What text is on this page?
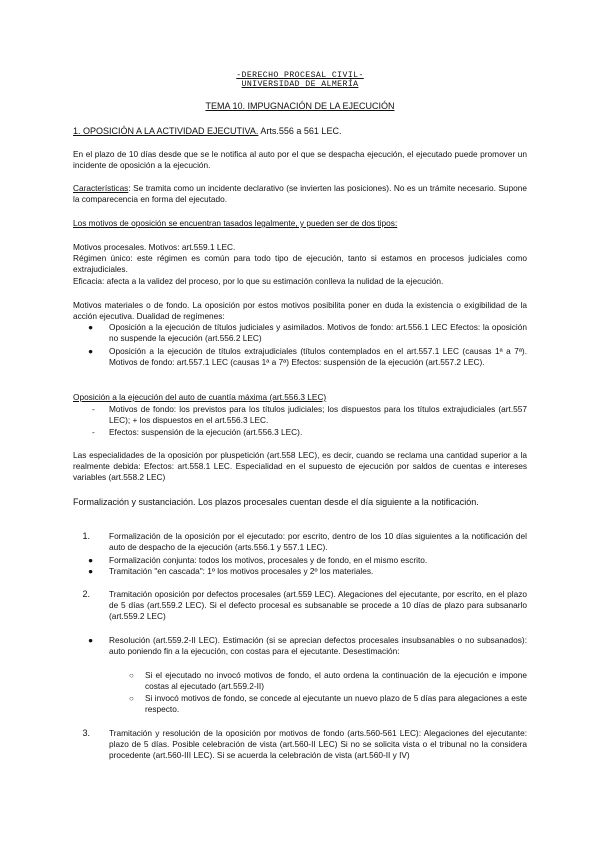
-DERECHO PROCESAL CIVIL-
UNIVERSIDAD DE ALMERÍA
TEMA 10. IMPUGNACIÓN DE LA EJECUCIÓN

1. OPOSICIÓN A LA ACTIVIDAD EJECUTIVA. Arts.556 a 561 LEC.

En el plazo de 10 días desde que se le notifica al auto por el que se despacha ejecución, el ejecutado puede promover un incidente de oposición a la ejecución.

Características: Se tramita como un incidente declarativo (se invierten las posiciones). No es un trámite necesario. Supone la comparecencia en forma del ejecutado.

Los motivos de oposición se encuentran tasados legalmente, y pueden ser de dos tipos:

Motivos procesales. Motivos: art.559.1 LEC.

Régimen único: este régimen es común para todo tipo de ejecución, tanto si estamos en procesos judiciales como extrajudiciales.

Eficacia: afecta a la validez del proceso, por lo que su estimación conlleva la nulidad de la ejecución.

Motivos materiales o de fondo. La oposición por estos motivos posibilita poner en duda la existencia o exigibilidad de la acción ejecutiva. Dualidad de regímenes:

● Oposición a la ejecución de títulos judiciales y asimilados. Motivos de fondo: art.556.1 LEC Efectos: la oposición no suspende la ejecución (art.556.2 LEC)
● Oposición a la ejecución de títulos extrajudiciales (títulos contemplados en el art.557.1 LEC (causas 1ª a 7ª). Motivos de fondo: art.557.1 LEC (causas 1ª a 7ª) Efectos: suspensión de la ejecución (art.557.2 LEC).

Oposición a la ejecución del auto de cuantía máxima (art.556.3 LEC)

- Motivos de fondo: los previstos para los títulos judiciales; los dispuestos para los títulos extrajudiciales (art.557 LEC); + los dispuestos en el art.556.3 LEC.
- Efectos: suspensión de la ejecución (art.556.3 LEC).

Las especialidades de la oposición por pluspetición (art.558 LEC), es decir, cuando se reclama una cantidad superior a la realmente debida: Efectos: art.558.1 LEC. Especialidad en el supuesto de ejecución por saldos de cuentas e intereses variables (art.558.2 LEC)

Formalización y sustanciación. Los plazos procesales cuentan desde el día siguiente a la notificación.

1. Formalización de la oposición por el ejecutado: por escrito, dentro de los 10 días siguientes a la notificación del auto de despacho de la ejecución (arts.556.1 y 557.1 LEC).
● Formalización conjunta: todos los motivos, procesales y de fondo, en el mismo escrito.
● Tramitación "en cascada": 1º los motivos procesales y 2º los materiales.
2. Tramitación oposición por defectos procesales (art.559 LEC). Alegaciones del ejecutante, por escrito, en el plazo de 5 días (art.559.2 LEC). Si el defecto procesal es subsanable se procede a 10 días de plazo para subsanarlo (art.559.2 LEC)
● Resolución (art.559.2-II LEC). Estimación (si se aprecian defectos procesales insubsanables o no subsanados): auto poniendo fin a la ejecución, con costas para el ejecutante. Desestimación:
○ Si el ejecutado no invocó motivos de fondo, el auto ordena la continuación de la ejecución e impone costas al ejecutado (art.559.2-II)
○ Si invocó motivos de fondo, se concede al ejecutante un nuevo plazo de 5 días para alegaciones a este respecto.
3. Tramitación y resolución de la oposición por motivos de fondo (arts.560-561 LEC): Alegaciones del ejecutante: plazo de 5 días. Posible celebración de vista (art.560-II LEC) Si no se solicita vista o el tribunal no la considera procedente (art.560-III LEC). Si se acuerda la celebración de vista (art.560-II y IV)
